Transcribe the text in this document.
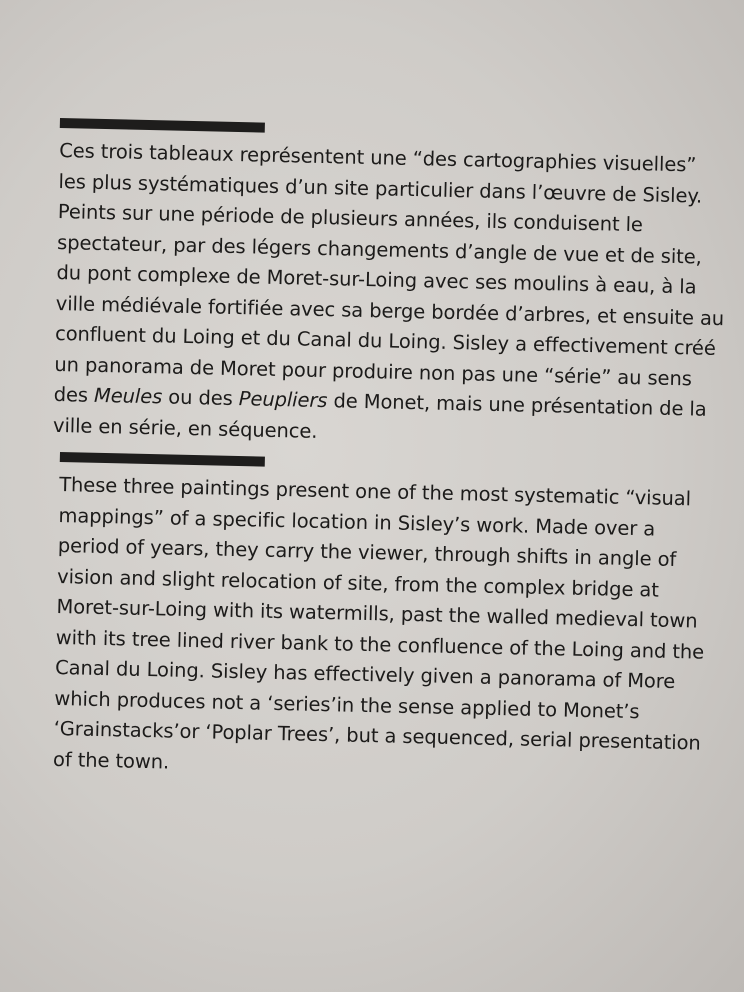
Ces trois tableaux représentent une “des cartographies visuelles”
les plus systématiques d’un site particulier dans l’œuvre de Sisley.
Peints sur une période de plusieurs années, ils conduisent le
spectateur, par des légers changements d’angle de vue et de site,
du pont complexe de Moret-sur-Loing avec ses moulins à eau, à la
ville médiévale fortifiée avec sa berge bordée d’arbres, et ensuite au
confluent du Loing et du Canal du Loing. Sisley a effectivement créé
un panorama de Moret pour produire non pas une “série” au sens
des Meules ou des Peupliers de Monet, mais une présentation de la
ville en série, en séquence.
These three paintings present one of the most systematic “visual
mappings” of a specific location in Sisley’s work. Made over a
period of years, they carry the viewer, through shifts in angle of
vision and slight relocation of site, from the complex bridge at
Moret-sur-Loing with its watermills, past the walled medieval town
with its tree lined river bank to the confluence of the Loing and the
Canal du Loing. Sisley has effectively given a panorama of More
which produces not a ‘series’in the sense applied to Monet’s
‘Grainstacks’or ‘Poplar Trees’, but a sequenced, serial presentation
of the town.
